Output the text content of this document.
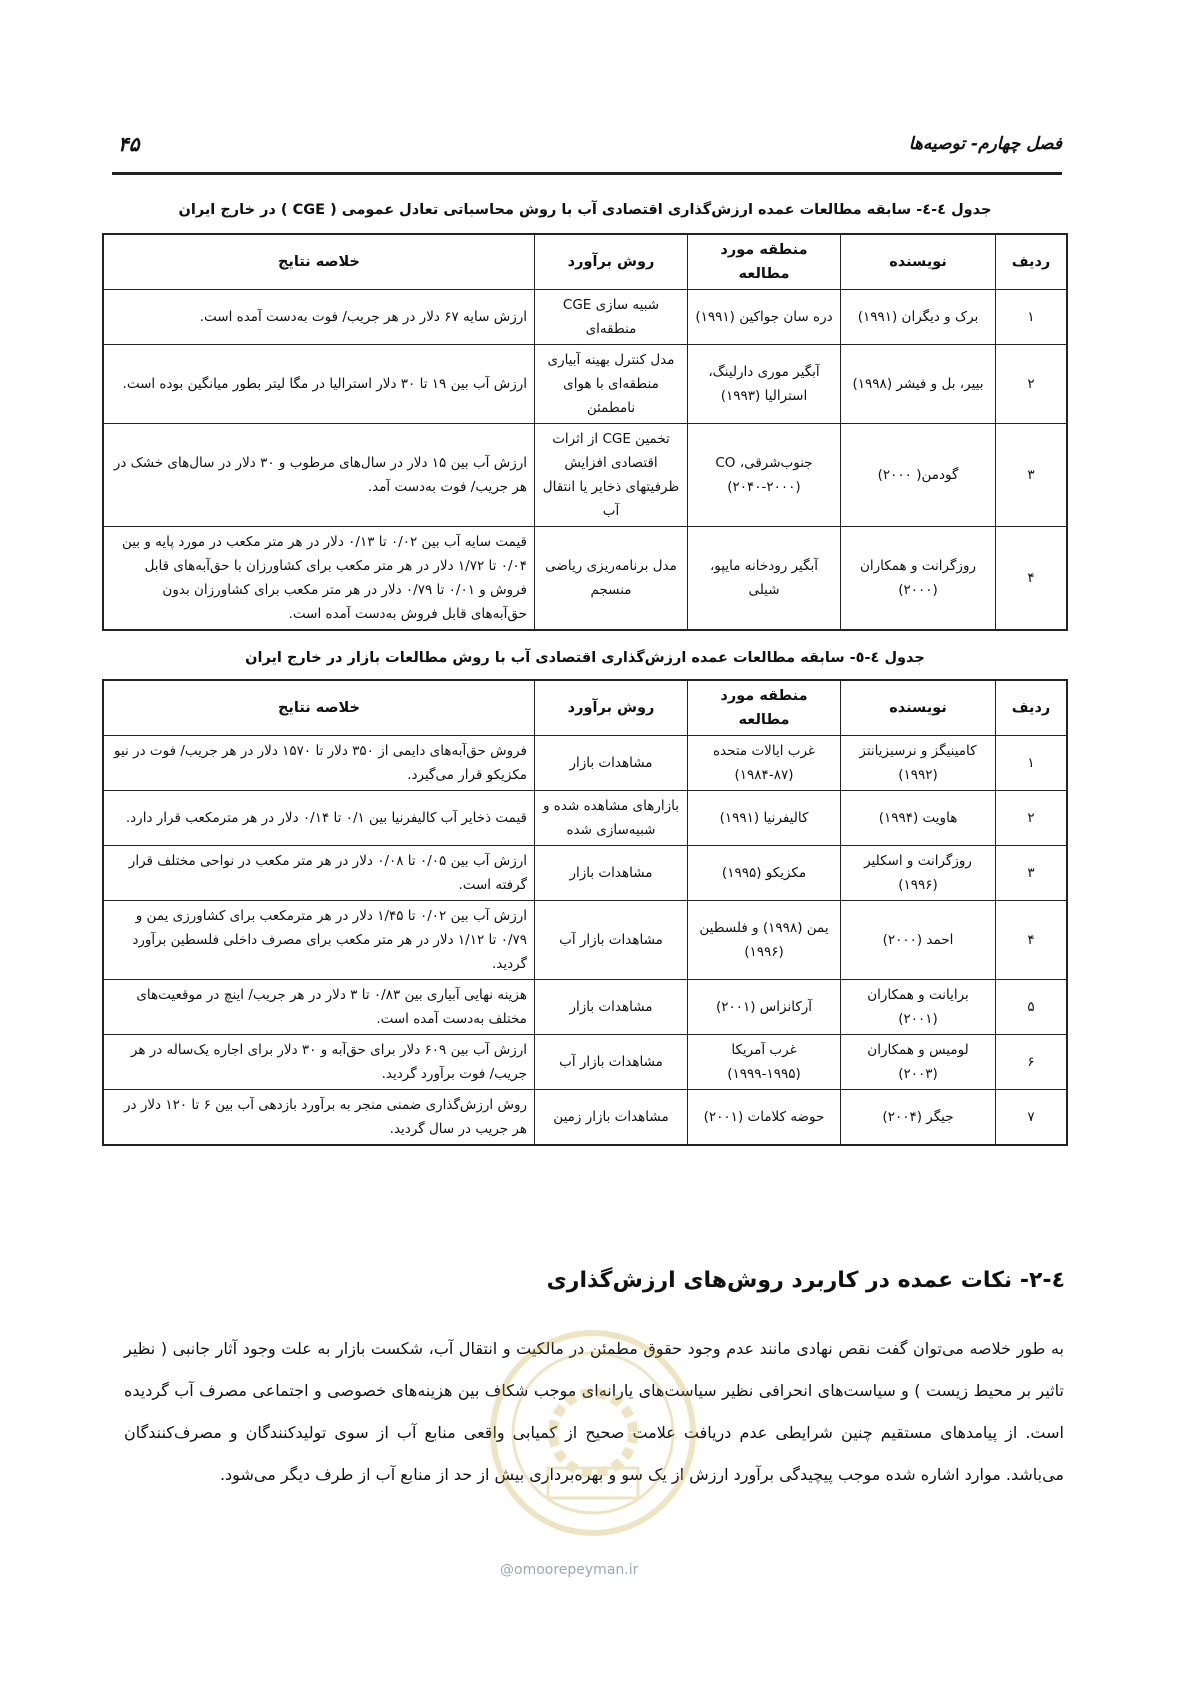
فصل چهارم- توصیه‌ها
۴۵
جدول ٤-٤- سابقه مطالعات عمده ارزش‌گذاری اقتصادی آب با روش محاسباتی تعادل عمومی ( CGE ) در خارج ایران
ردیف	نویسنده	منطقه مورد مطالعه	روش برآورد	خلاصه نتایج
۱	برک و دیگران (۱۹۹۱)	دره سان جواکین (۱۹۹۱)	شبیه سازی CGE منطقه‌ای	ارزش سایه ۶۷ دلار در هر جریب/ فوت به‌دست آمده است.
۲	بییر، بل و فیشر (۱۹۹۸)	آبگیر موری دارلینگ، استرالیا (۱۹۹۳)	مدل کنترل بهینه آبیاری منطقه‌ای با هوای نامطمئن	ارزش آب بین ۱۹ تا ۳۰ دلار استرالیا در مگا لیتر بطور میانگین بوده است.
۳	گودمن( ۲۰۰۰)	جنوب‌شرقی، CO (۲۰۴۰-۲۰۰۰)	تخمین CGE از اثرات اقتصادی افزایش ظرفیتهای ذخایر یا انتقال آب	ارزش آب بین ۱۵ دلار در سال‌های مرطوب و ۳۰ دلار در سال‌های خشک در هر جریب/ فوت به‌دست آمد.
۴	روزگرانت و همکاران (۲۰۰۰)	آبگیر رودخانه مایپو، شیلی	مدل برنامه‌ریزی ریاضی منسجم	قیمت سایه آب بین ۰/۰۲ تا ۰/۱۳ دلار در هر متر مکعب در مورد پایه و بین ۰/۰۴ تا ۱/۷۲ دلار در هر متر مکعب برای کشاورزان با حق‌آبه‌های قابل فروش و ۰/۰۱ تا ۰/۷۹ دلار در هر متر مکعب برای کشاورزان بدون حق‌آبه‌های قابل فروش به‌دست آمده است.
جدول ٤-٥- سابقه مطالعات عمده ارزش‌گذاری اقتصادی آب با روش مطالعات بازار در خارج ایران
ردیف	نویسنده	منطقه مورد مطالعه	روش برآورد	خلاصه نتایج
۱	کامینیگز و نرسیزیانتز (۱۹۹۲)	غرب ایالات متحده (۸۷-۱۹۸۴)	مشاهدات بازار	فروش حق‌آبه‌های دایمی از ۳۵۰ دلار تا ۱۵۷۰ دلار در هر جریب/ فوت در نیو مکزیکو قرار می‌گیرد.
۲	هاویت (۱۹۹۴)	کالیفرنیا (۱۹۹۱)	بازارهای مشاهده شده و شبیه‌سازی شده	قیمت ذخایر آب کالیفرنیا بین ۰/۱ تا ۰/۱۴ دلار در هر مترمکعب قرار دارد.
۳	روزگرانت و اسکلیر (۱۹۹۶)	مکزیکو (۱۹۹۵)	مشاهدات بازار	ارزش آب بین ۰/۰۵ تا ۰/۰۸ دلار در هر متر مکعب در نواحی مختلف قرار گرفته است.
۴	احمد (۲۰۰۰)	یمن (۱۹۹۸) و فلسطین (۱۹۹۶)	مشاهدات بازار آب	ارزش آب بین ۰/۰۲ تا ۱/۴۵ دلار در هر مترمکعب برای کشاورزی یمن و ۰/۷۹ تا ۱/۱۲ دلار در هر متر مکعب برای مصرف داخلی فلسطین برآورد گردید.
۵	برایانت و همکاران (۲۰۰۱)	آرکانزاس (۲۰۰۱)	مشاهدات بازار	هزینه نهایی آبیاری بین ۰/۸۳ تا ۳ دلار در هر جریب/ اینچ در موقعیت‌های مختلف به‌دست آمده است.
۶	لومیس و همکاران (۲۰۰۳)	غرب آمریکا (۱۹۹۵-۱۹۹۹)	مشاهدات بازار آب	ارزش آب بین ۶۰۹ دلار برای حق‌آبه و ۳۰ دلار برای اجاره یک‌ساله در هر جریب/ فوت برآورد گردید.
۷	جیگر (۲۰۰۴)	حوضه کلامات (۲۰۰۱)	مشاهدات بازار زمین	روش ارزش‌گذاری ضمنی منجر به برآورد بازدهی آب بین ۶ تا ۱۲۰ دلار در هر جریب در سال گردید.
٤-٢- نکات عمده در کاربرد روش‌های ارزش‌گذاری

به طور خلاصه می‌توان گفت نقص نهادی مانند عدم وجود حقوق مطمئن در مالکیت و انتقال آب، شکست بازار به علت وجود آثار جانبی ( نظیر تاثیر بر محیط زیست ) و سیاست‌های انحرافی نظیر سیاست‌های یارانه‌ای موجب شکاف بین هزینه‌های خصوصی و اجتماعی مصرف آب گردیده است. از پیامدهای مستقیم چنین شرایطی عدم دریافت علامت صحیح از کمیابی واقعی منابع آب از سوی تولیدکنندگان و مصرف‌کنندگان می‌باشد. موارد اشاره شده موجب پیچیدگی برآورد ارزش از یک سو و بهره‌برداری بیش از حد از منابع آب از طرف دیگر می‌شود.

@omoorepeyman.ir
